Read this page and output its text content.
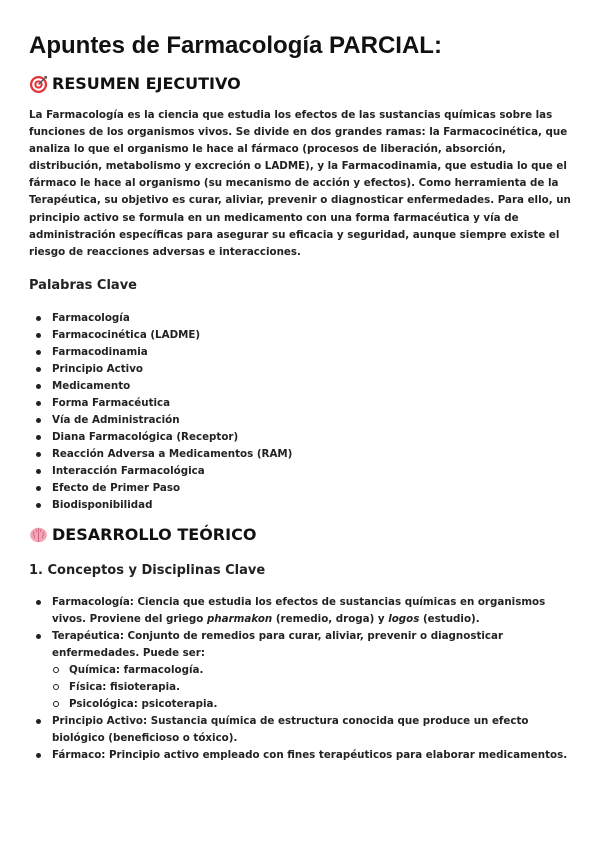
Apuntes de Farmacología PARCIAL:
RESUMEN EJECUTIVO

La Farmacología es la ciencia que estudia los efectos de las sustancias químicas sobre las funciones de los organismos vivos. Se divide en dos grandes ramas: la Farmacocinética, que analiza lo que el organismo le hace al fármaco (procesos de liberación, absorción, distribución, metabolismo y excreción o LADME), y la Farmacodinamia, que estudia lo que el fármaco le hace al organismo (su mecanismo de acción y efectos). Como herramienta de la Terapéutica, su objetivo es curar, aliviar, prevenir o diagnosticar enfermedades. Para ello, un principio activo se formula en un medicamento con una forma farmacéutica y vía de administración específicas para asegurar su eficacia y seguridad, aunque siempre existe el riesgo de reacciones adversas e interacciones.

Palabras Clave
Farmacología
Farmacocinética (LADME)
Farmacodinamia
Principio Activo
Medicamento
Forma Farmacéutica
Vía de Administración
Diana Farmacológica (Receptor)
Reacción Adversa a Medicamentos (RAM)
Interacción Farmacológica
Efecto de Primer Paso
Biodisponibilidad
DESARROLLO TEÓRICO
1. Conceptos y Disciplinas Clave
Farmacología: Ciencia que estudia los efectos de sustancias químicas en organismos vivos. Proviene del griego pharmakon (remedio, droga) y logos (estudio).
Terapéutica: Conjunto de remedios para curar, aliviar, prevenir o diagnosticar enfermedades. Puede ser:
Química: farmacología.
Física: fisioterapia.
Psicológica: psicoterapia.
Principio Activo: Sustancia química de estructura conocida que produce un efecto biológico (beneficioso o tóxico).
Fármaco: Principio activo empleado con fines terapéuticos para elaborar medicamentos.
